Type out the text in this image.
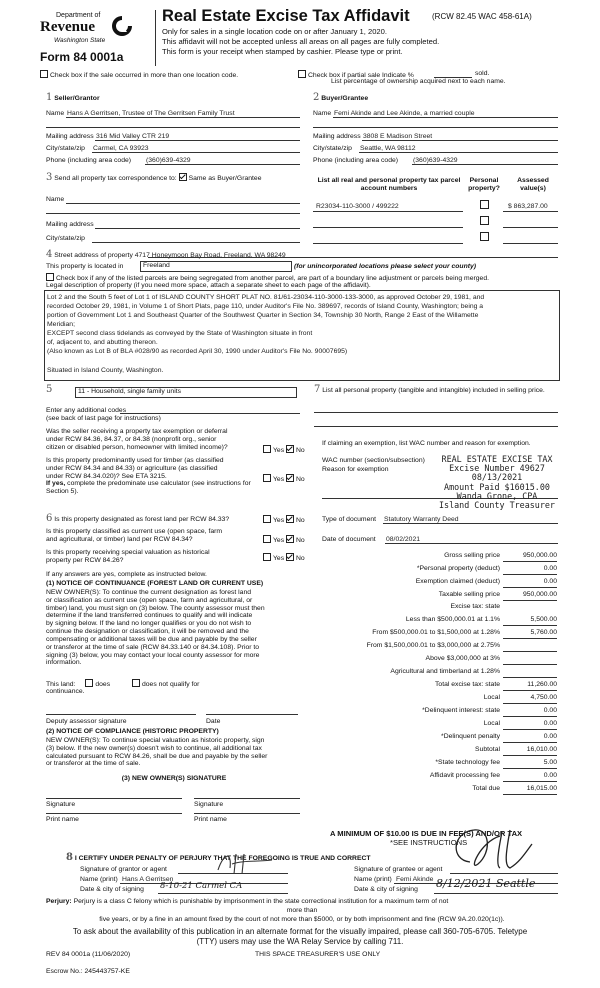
Department of
Revenue
Washington State
Form 84 0001a
Real Estate Excise Tax Affidavit	(RCW 82.45 WAC 458-61A)
Only for sales in a single location code on or after January 1, 2020.
This affidavit will not be accepted unless all areas on all pages are fully completed.
This form is your receipt when stamped by cashier. Please type or print.
Check box if the sale occurred in more than one location code.	Check box if partial sale Indicate %	sold.
List percentage of ownership acquired next to each name.
1 Seller/Grantor
Name Hans A Gerritsen, Trustee of The Gerritsen Family Trust
Mailing address 316 Mid Valley CTR 219
City/state/zip Carmel, CA 93923
Phone (including area code) (360)639-4329
2 Buyer/Grantee
Name Femi Akinde and Lee Akinde, a married couple
Mailing address 3808 E Madison Street
City/state/zip Seattle, WA 98112
Phone (including area code) (360)639-4329
3 Send all property tax correspondence to: Same as Buyer/Grantee
Name
Mailing address
City/state/zip
List all real and personal property tax parcel account numbers
Personal property?
Assessed value(s)
R23034-110-3000 / 499222	$ 863,287.00
4 Street address of property 4717 Honeymoon Bay Road, Freeland, WA 98249
This property is located in	Freeland	(for unincorporated locations please select your county)
Check box if any of the listed parcels are being segregated from another parcel, are part of a boundary line adjustment or parcels being merged.
Legal description of property (if you need more space, attach a separate sheet to each page of the affidavit).
Lot 2 and the South 5 feet of Lot 1 of ISLAND COUNTY SHORT PLAT NO. 81/61-23034-110-3000-133-3000, as approved October 29, 1981, and
recorded October 29, 1981, in Volume 1 of Short Plats, page 110, under Auditor's File No. 389697, records of Island County, Washington; being a
portion of Government Lot 1 and Southeast Quarter of the Southwest Quarter in Section 34, Township 30 North, Range 2 East of the Willamette
Meridian;
EXCEPT second class tidelands as conveyed by the State of Washington situate in front
of, adjacent to, and abutting thereon.
(Also known as Lot B of BLA #028/90 as recorded April 30, 1990 under Auditor's File No. 90007695)
Situated in Island County, Washington.
5	11 - Household, single family units
Enter any additional codes
(see back of last page for instructions)
Was the seller receiving a property tax exemption or deferral
under RCW 84.36, 84.37, or 84.38 (nonprofit org., senior
citizen or disabled person, homeowner with limited income)?	Yes No
Is this property predominantly used for timber (as classified
under RCW 84.34 and 84.33) or agriculture (as classified
under RCW 84.34.020)? See ETA 3215.
If yes, complete the predominate use calculator (see instructions for
Section 5).
Yes No
6 Is this property designated as forest land per RCW 84.33?	Yes No
Is this property classified as current use (open space, farm
and agricultural, or timber) land per RCW 84.34?	Yes No
Is this property receiving special valuation as historical
property per RCW 84.26?	Yes No
If any answers are yes, complete as instructed below.
(1) NOTICE OF CONTINUANCE (FOREST LAND OR CURRENT USE)
NEW OWNER(S): To continue the current designation as forest land
or classification as current use (open space, farm and agricultural, or
timber) land, you must sign on (3) below. The county assessor must then
determine if the land transferred continues to qualify and will indicate
by signing below. If the land no longer qualifies or you do not wish to
continue the designation or classification, it will be removed and the
compensating or additional taxes will be due and payable by the seller
or transferor at the time of sale (RCW 84.33.140 or 84.34.108). Prior to
signing (3) below, you may contact your local county assessor for more
information.
This land:	does	does not qualify for
continuance.
Deputy assessor signature	Date
(2) NOTICE OF COMPLIANCE (HISTORIC PROPERTY)
NEW OWNER(S): To continue special valuation as historic property, sign
(3) below. If the new owner(s) doesn't wish to continue, all additional tax
calculated pursuant to RCW 84.26, shall be due and payable by the seller
or transferor at the time of sale.
(3) NEW OWNER(S) SIGNATURE
Signature	Signature
Print name	Print name
7 List all personal property (tangible and intangible) included in selling price.
If claiming an exemption, list WAC number and reason for exemption.
WAC number (section/subsection)
Reason for exemption
REAL ESTATE EXCISE TAX
Excise Number 49627
08/13/2021
Amount Paid $16015.00
Wanda Grone, CPA
Island County Treasurer
Type of document Statutory Warranty Deed
Date of document 08/02/2021
Gross selling price	950,000.00
*Personal property (deduct)	0.00
Exemption claimed (deduct)	0.00
Taxable selling price	950,000.00
Excise tax: state
Less than $500,000.01 at 1.1%	5,500.00
From $500,000.01 to $1,500,000 at 1.28%	5,760.00
From $1,500,000.01 to $3,000,000 at 2.75%
Above $3,000,000 at 3%
Agricultural and timberland at 1.28%
Total excise tax: state	11,260.00
Local	4,750.00
*Delinquent interest: state	0.00
Local	0.00
*Delinquent penalty	0.00
Subtotal	16,010.00
*State technology fee	5.00
Affidavit processing fee	0.00
Total due	16,015.00
A MINIMUM OF $10.00 IS DUE IN FEE(S) AND/OR TAX
*SEE INSTRUCTIONS
8 I CERTIFY UNDER PENALTY OF PERJURY THAT THE FOREGOING IS TRUE AND CORRECT
Signature of grantor or agent
Name (print) Hans A Gerritsen
Date & city of signing 8-10-21 Carmel CA
Signature of grantee or agent
Name (print) Femi Akinde
Date & city of signing 8/12/2021 Seattle
Perjury: Perjury is a class C felony which is punishable by imprisonment in the state correctional institution for a maximum term of not
more than
five years, or by a fine in an amount fixed by the court of not more than $5000, or by both imprisonment and fine (RCW 9A.20.020(1c)).
To ask about the availability of this publication in an alternate format for the visually impaired, please call 360-705-6705. Teletype
(TTY) users may use the WA Relay Service by calling 711.
REV 84 0001a (11/06/2020)	THIS SPACE TREASURER'S USE ONLY
Escrow No.: 245443757-KE
